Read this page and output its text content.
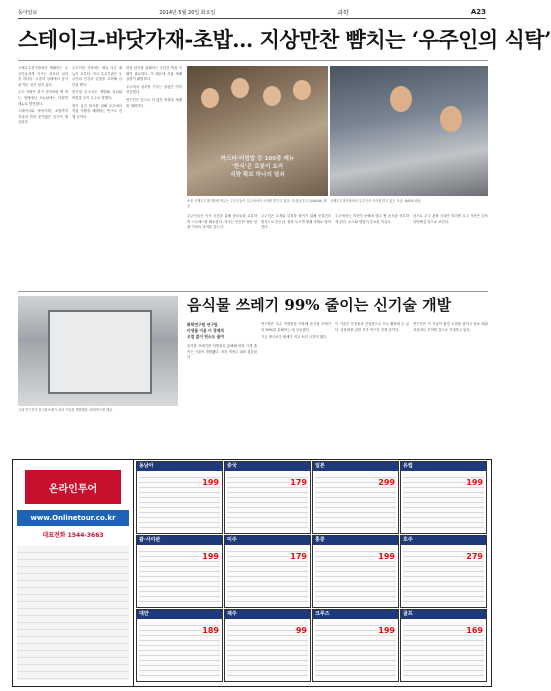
동아일보	2014년 5월 20일 화요일	과학	A23
스테이크-바닷가재-초밥… 지상만찬 뺨치는 ‘우주인의 식탁’

국제우주정거장에서 생활하는 우주인들에게 식사는 중요한 일과 중 하나다. 무중력 상태에서 음식을 먹는 것은 쉽지 않다.

우주 식량은 과거 치약처럼 짜 먹는 형태에서 오늘날에는 다양한 메뉴로 발전했다.

스테이크와 바닷가재, 초밥까지 지상의 만찬 못지않은 음식이 제공된다.

우주인의 식탁에는 매일 다른 메뉴가 오른다. 각국 우주기관은 우주인의 건강과 입맛을 고려해 식단을 짠다.

한국형 우주식도 개발돼 김치와 비빔밥 등이 우주로 향했다.

장기 유인 탐사를 위해 우주에서 직접 식량을 재배하는 연구도 진행 중이다.

화성 탐사를 위해서는 수년간 먹을 식량이 필요하다. 이 때문에 식물 재배 실험이 활발하다.

우주에서 상추를 키우는 실험은 이미 성공했다.

연구진은 앞으로 더 많은 작물을 재배할 계획이다.

파스타·비빔밥 등 100종 메뉴
‘한식’은 로봇이 요리
식량 확보 하나의 열쇠
소종 국제우주정거장에 머무는 우주인들이 우주에서의 식사를 즐기고 있다. 미 항공우주국(NASA) 제공
국제우주정거장에서 우주인이 식사를 하고 있는 모습. NASA 제공

우주인들은 식사 시간을 통해 동료들과 교류하며 스트레스를 해소한다. 식사는 단순한 영양 섭취 이상의 의미를 갖는다.

우주식은 무게와 부피를 줄이기 위해 동결건조 방식으로 만든다. 물을 부으면 원래 상태로 돌아간다.

우주에서는 미각이 둔해져 맵고 짠 음식을 선호하게 된다. 소스와 양념이 중요한 이유다.

앞으로 우주 관광 시대가 열리면 우주 식단은 더욱 다양해질 것으로 보인다.

국내 연구진이 음식물쓰레기 처리 기술을 개발했다. 화학연구원 제공
음식물 쓰레기 99% 줄이는 신기술 개발
화학연구원 연구팀
미생물 이용 이 경제적
오염 없이 탄소도 줄여

음식물 쓰레기를 미생물로 분해해 양을 크게 줄이는 기술이 개발됐다. 처리 비용도 대폭 절감된다.

연구팀은 특수 미생물을 이용해 음식물 쓰레기의 99%를 분해하는 데 성공했다.

기존 방식보다 냄새가 적고 처리 시간이 짧다.

이 기술은 가정용과 산업용으로 모두 활용할 수 있다. 상용화를 위한 후속 연구가 진행 중이다.

연구진은 이 기술이 환경 오염을 줄이고 탄소 배출 저감에도 기여할 것으로 기대하고 있다.

온라인투어
www.Onlinetour.co.kr
대표전화 1544-3663
동남아
199
중국
179
일본
299
유럽
199
괌·사이판
199
미주
179
홍콩
199
호주
279
대만
189
제주
99
크루즈
199
골프
169
